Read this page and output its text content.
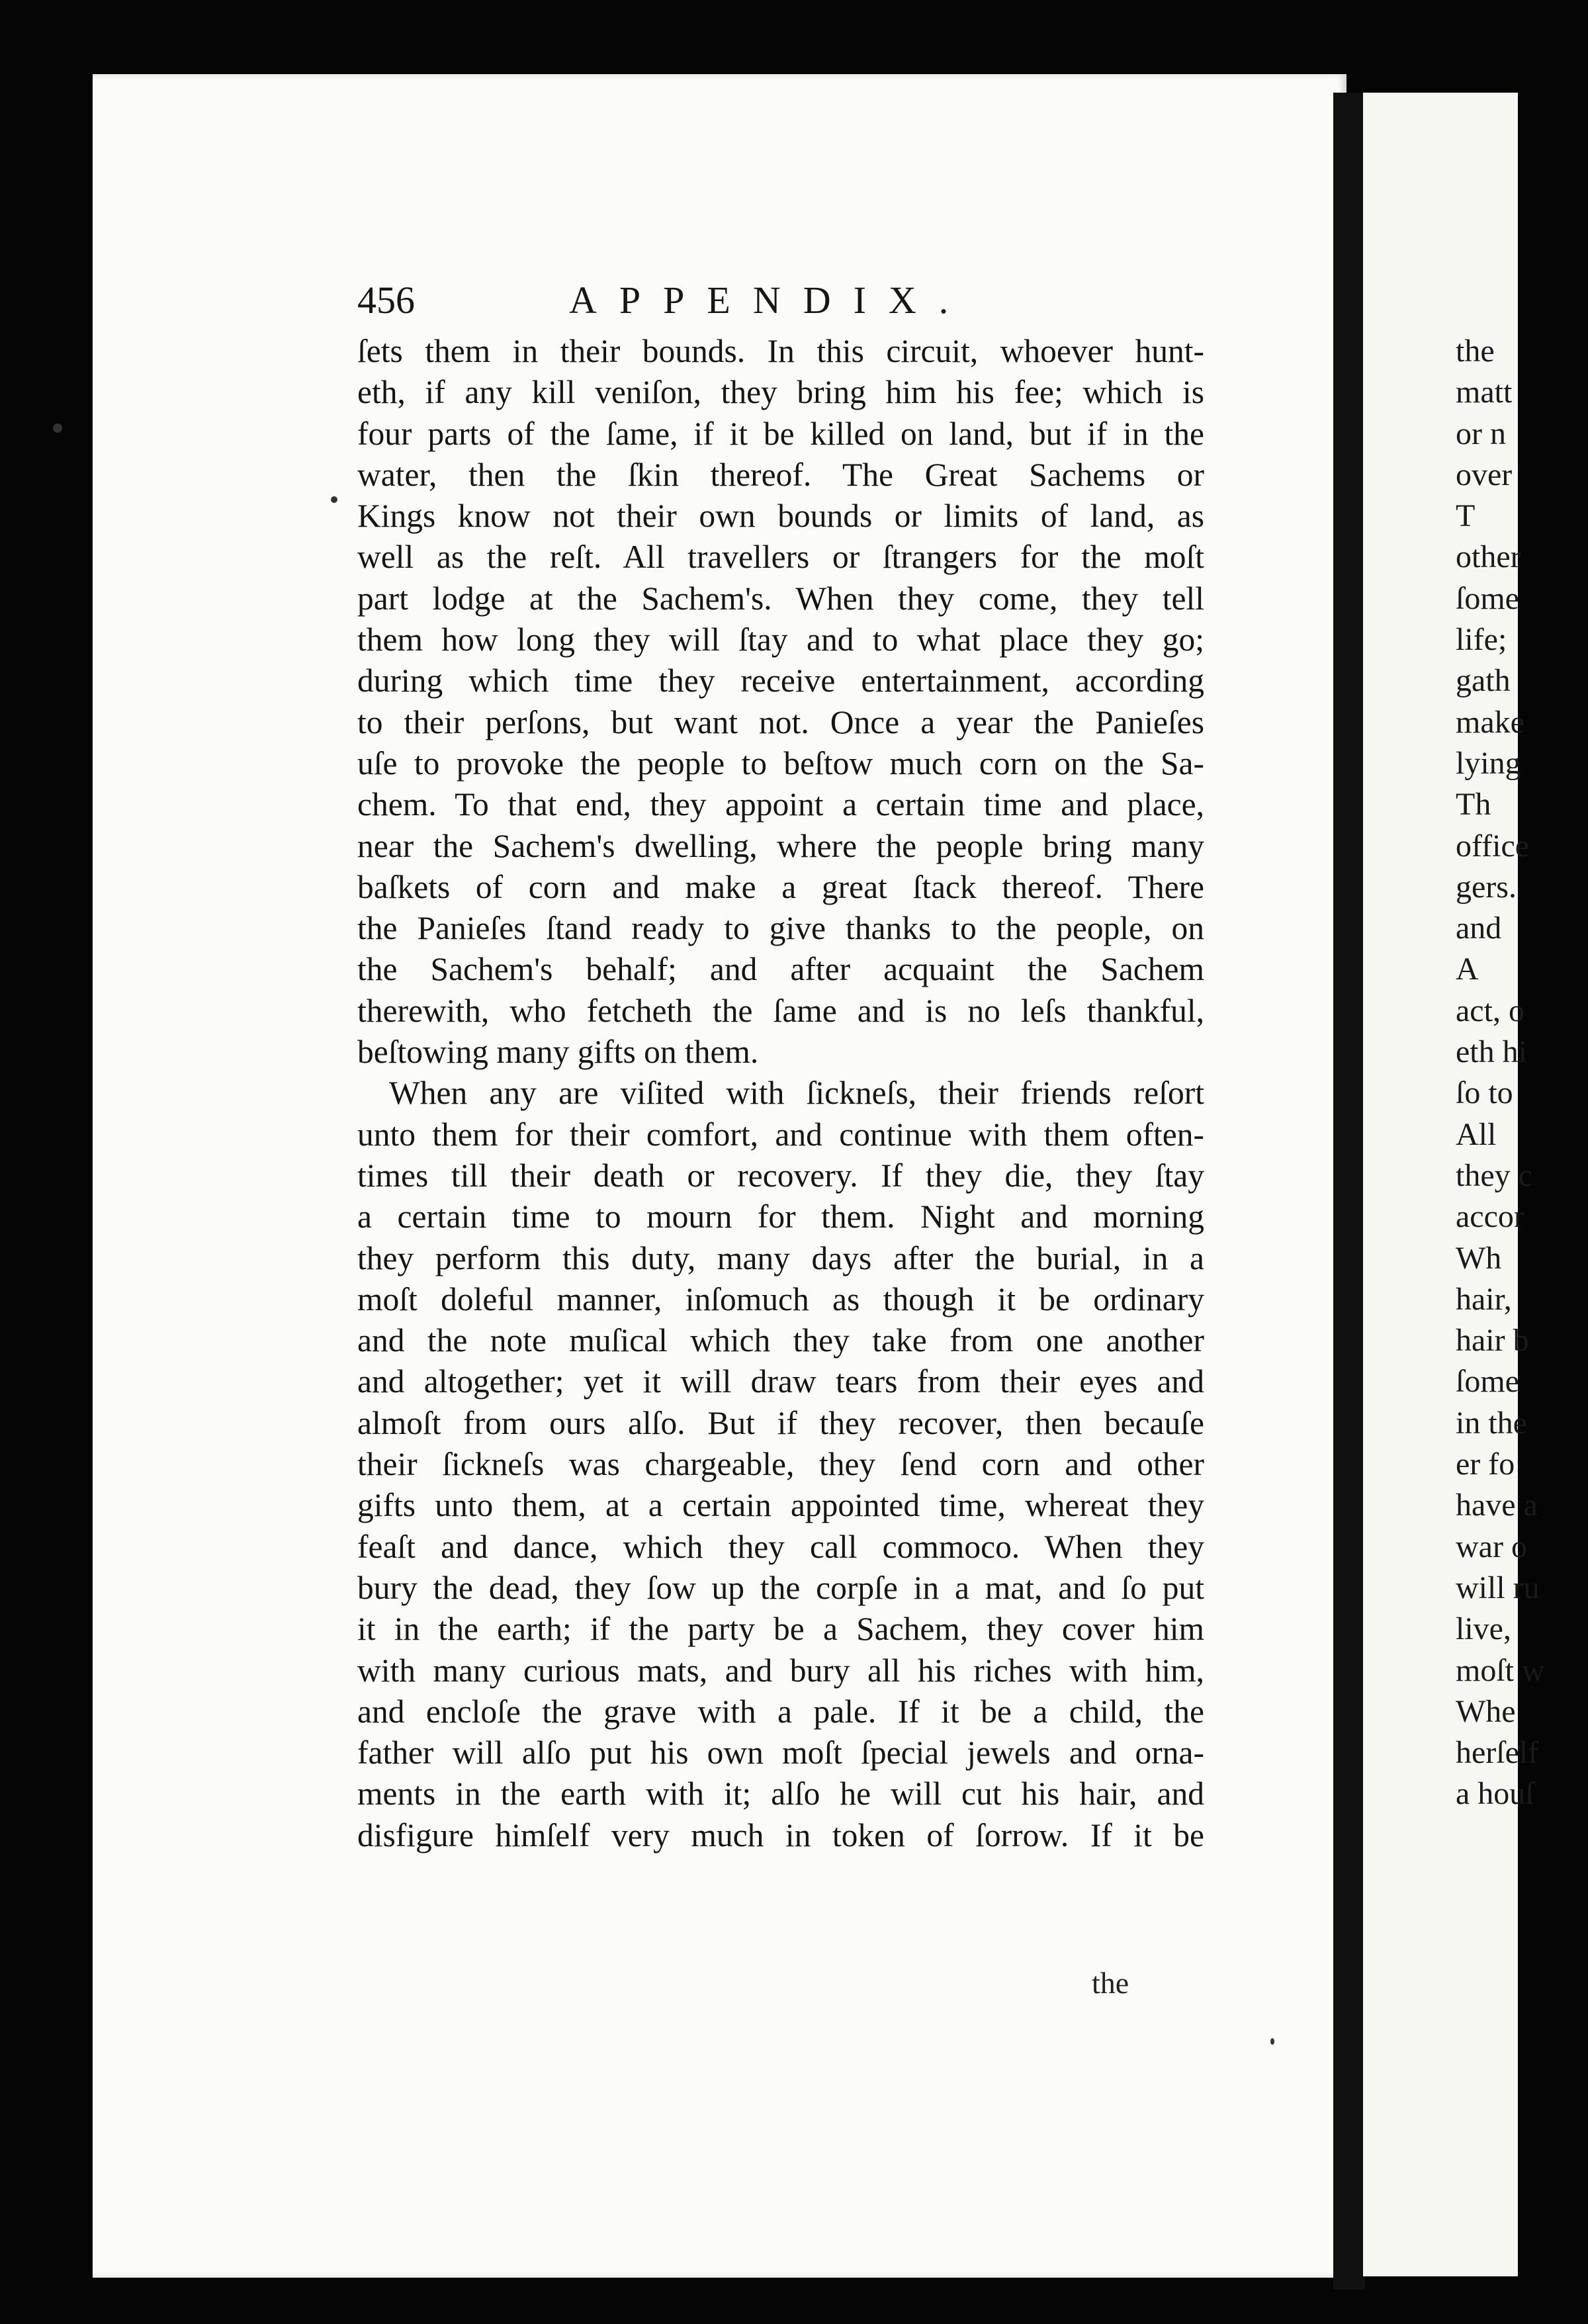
456	APPENDIX.
ſets them in their bounds. In this circuit, whoever hunt-
eth, if any kill veniſon, they bring him his fee; which is
four parts of the ſame, if it be killed on land, but if in the
water, then the ſkin thereof. The Great Sachems or
Kings know not their own bounds or limits of land, as
well as the reſt. All travellers or ſtrangers for the moſt
part lodge at the Sachem's. When they come, they tell
them how long they will ſtay and to what place they go;
during which time they receive entertainment, according
to their perſons, but want not. Once a year the Panieſes
uſe to provoke the people to beſtow much corn on the Sa-
chem. To that end, they appoint a certain time and place,
near the Sachem's dwelling, where the people bring many
baſkets of corn and make a great ſtack thereof. There
the Panieſes ſtand ready to give thanks to the people, on
the Sachem's behalf; and after acquaint the Sachem
therewith, who fetcheth the ſame and is no leſs thankful,
beſtowing many gifts on them.
When any are viſited with ſickneſs, their friends reſort
unto them for their comfort, and continue with them often-
times till their death or recovery. If they die, they ſtay
a certain time to mourn for them. Night and morning
they perform this duty, many days after the burial, in a
moſt doleful manner, inſomuch as though it be ordinary
and the note muſical which they take from one another
and altogether; yet it will draw tears from their eyes and
almoſt from ours alſo. But if they recover, then becauſe
their ſickneſs was chargeable, they ſend corn and other
gifts unto them, at a certain appointed time, whereat they
feaſt and dance, which they call commoco. When they
bury the dead, they ſow up the corpſe in a mat, and ſo put
it in the earth; if the party be a Sachem, they cover him
with many curious mats, and bury all his riches with him,
and encloſe the grave with a pale. If it be a child, the
father will alſo put his own moſt ſpecial jewels and orna-
ments in the earth with it; alſo he will cut his hair, and
disfigure himſelf very much in token of ſorrow. If it be
the
the
matt
or n
over
T
other
ſome
life;
gath
make
lying
Th
office
gers.
and
A
act, o
eth hi
ſo to
All
they c
accor
Wh
hair,
hair b
ſome
in the
er fo
have a
war o
will ru
live,
moſt w
Whe
herſelf
a houſ
